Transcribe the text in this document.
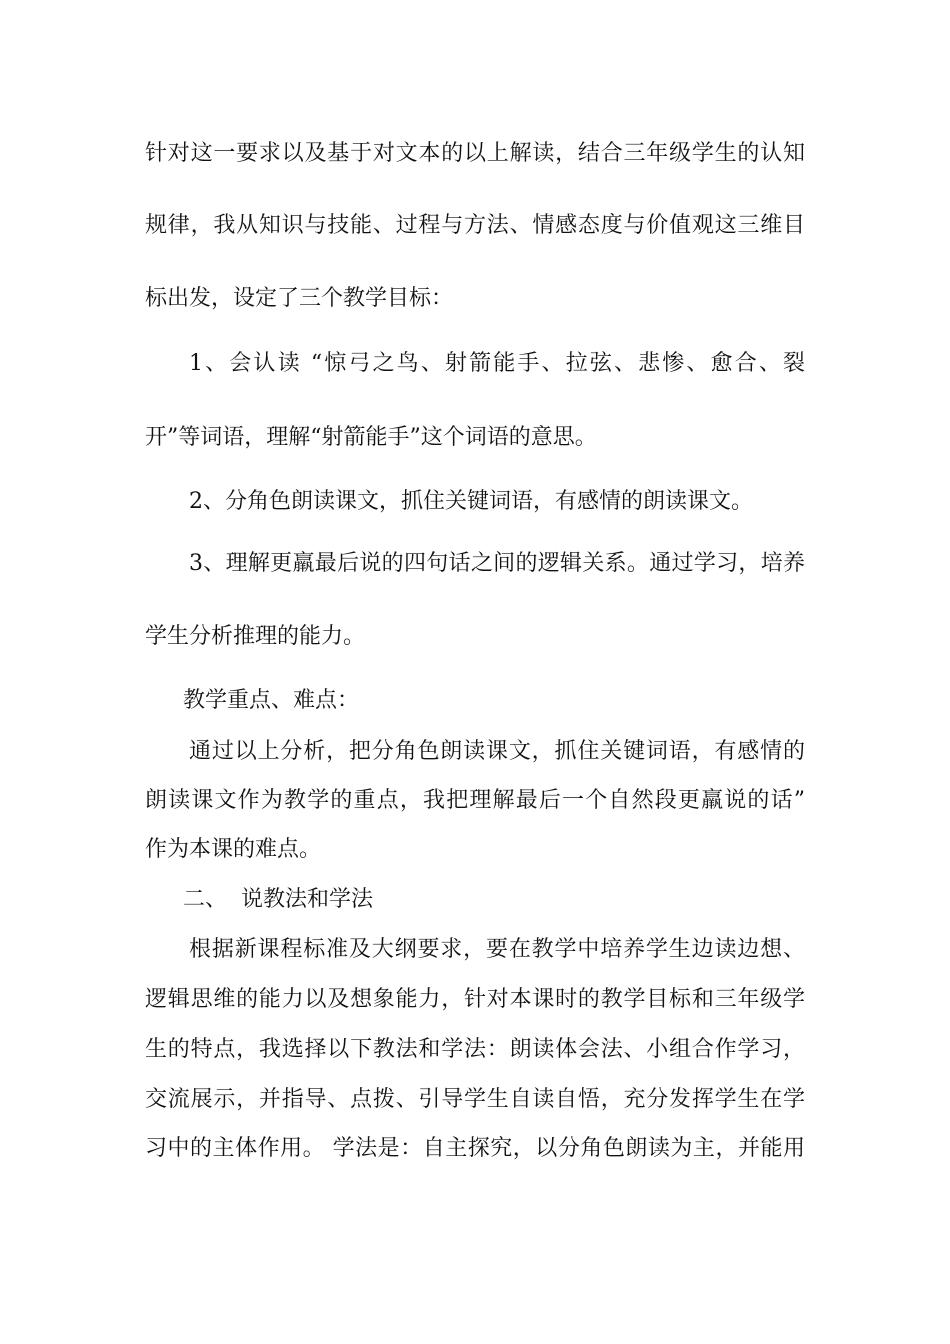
针对这一要求以及基于对文本的以上解读，结合三年级学生的认知
规律，我从知识与技能、过程与方法、情感态度与价值观这三维目
标出发，设定了三个教学目标：
1、会认读 “惊弓之鸟、射箭能手、拉弦、悲惨、愈合、裂
开”等词语，理解“射箭能手”这个词语的意思。
2、分角色朗读课文，抓住关键词语，有感情的朗读课文。
3、理解更羸最后说的四句话之间的逻辑关系。通过学习，培养
学生分析推理的能力。
教学重点、难点：
通过以上分析，把分角色朗读课文，抓住关键词语，有感情的
朗读课文作为教学的重点，我把理解最后一个自然段更羸说的话”
作为本课的难点。
二、  说教法和学法
根据新课程标准及大纲要求，要在教学中培养学生边读边想、
逻辑思维的能力以及想象能力，针对本课时的教学目标和三年级学
生的特点，我选择以下教法和学法：朗读体会法、小组合作学习，
交流展示，并指导、点拨、引导学生自读自悟，充分发挥学生在学
习中的主体作用。 学法是：自主探究，以分角色朗读为主，并能用
